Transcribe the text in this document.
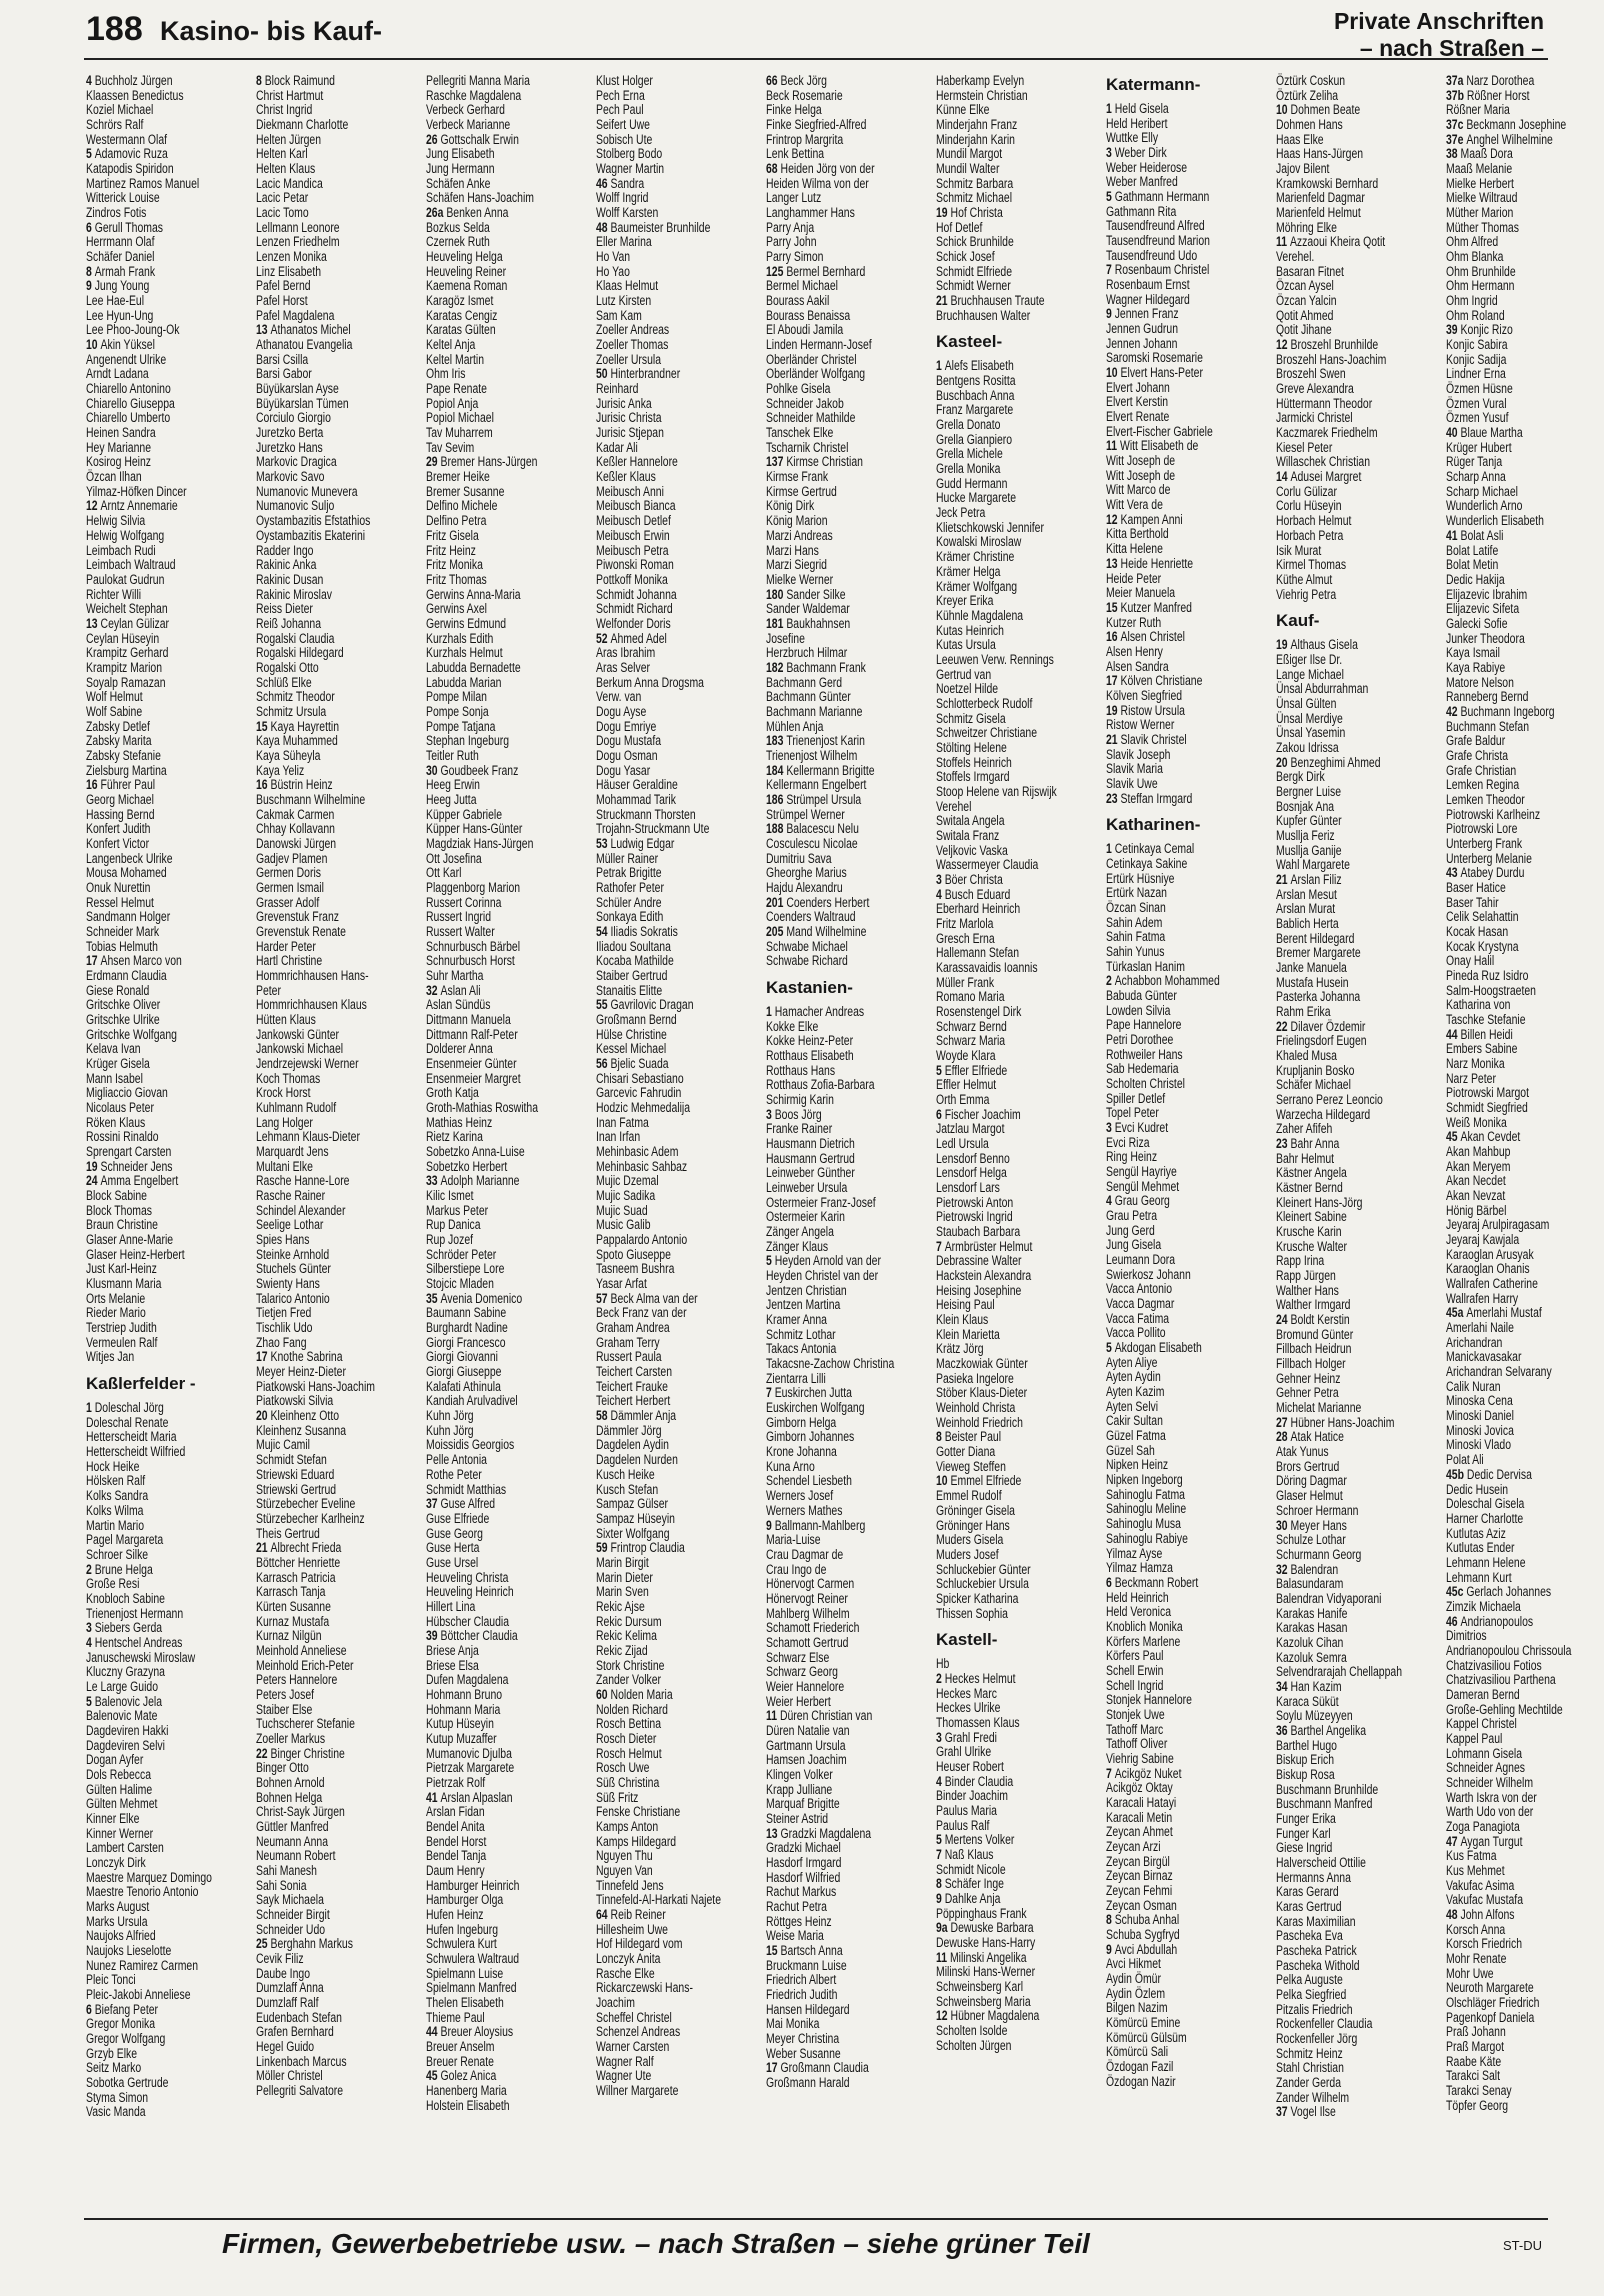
188 Kasino- bis Kauf-	Private Anschriften
– nach Straßen –
4 Buchholz Jürgen
Klaassen Benedictus
Koziel Michael
Schrörs Ralf
Westermann Olaf
5 Adamovic Ruza
Katapodis Spiridon
Martinez Ramos Manuel
Witterick Louise
Zindros Fotis
6 Gerull Thomas
Herrmann Olaf
Schäfer Daniel
8 Armah Frank
9 Jung Young
Lee Hae-Eul
Lee Hyun-Ung
Lee Phoo-Joung-Ok
10 Akin Yüksel
Angenendt Ulrike
Arndt Ladana
Chiarello Antonino
Chiarello Giuseppa
Chiarello Umberto
Heinen Sandra
Hey Marianne
Kosirog Heinz
Özcan Ilhan
Yilmaz-Höfken Dincer
12 Arntz Annemarie
Helwig Silvia
Helwig Wolfgang
Leimbach Rudi
Leimbach Waltraud
Paulokat Gudrun
Richter Willi
Weichelt Stephan
13 Ceylan Gülizar
Ceylan Hüseyin
Krampitz Gerhard
Krampitz Marion
Soyalp Ramazan
Wolf Helmut
Wolf Sabine
Zabsky Detlef
Zabsky Marita
Zabsky Stefanie
Zielsburg Martina
16 Führer Paul
Georg Michael
Hassing Bernd
Konfert Judith
Konfert Victor
Langenbeck Ulrike
Mousa Mohamed
Onuk Nurettin
Ressel Helmut
Sandmann Holger
Schneider Mark
Tobias Helmuth
17 Ahsen Marco von
Erdmann Claudia
Giese Ronald
Gritschke Oliver
Gritschke Ulrike
Gritschke Wolfgang
Kelava Ivan
Krüger Gisela
Mann Isabel
Migliaccio Giovan
Nicolaus Peter
Röken Klaus
Rossini Rinaldo
Sprengart Carsten
19 Schneider Jens
24 Amma Engelbert
Block Sabine
Block Thomas
Braun Christine
Glaser Anne-Marie
Glaser Heinz-Herbert
Just Karl-Heinz
Klusmann Maria
Orts Melanie
Rieder Mario
Terstriep Judith
Vermeulen Ralf
Witjes Jan
Kaßlerfelder -
1 Doleschal Jörg
Doleschal Renate
Hetterscheidt Maria
Hetterscheidt Wilfried
Hock Heike
Hölsken Ralf
Kolks Sandra
Kolks Wilma
Martin Mario
Pagel Margareta
Schroer Silke
2 Brune Helga
Große Resi
Knobloch Sabine
Trienenjost Hermann
3 Siebers Gerda
4 Hentschel Andreas
Januschewski Miroslaw
Kluczny Grazyna
Le Large Guido
5 Balenovic Jela
Balenovic Mate
Dagdeviren Hakki
Dagdeviren Selvi
Dogan Ayfer
Dols Rebecca
Gülten Halime
Gülten Mehmet
Kinner Elke
Kinner Werner
Lambert Carsten
Lonczyk Dirk
Maestre Marquez Domingo
Maestre Tenorio Antonio
Marks August
Marks Ursula
Naujoks Alfried
Naujoks Lieselotte
Nunez Ramirez Carmen
Pleic Tonci
Pleic-Jakobi Anneliese
6 Biefang Peter
Gregor Monika
Gregor Wolfgang
Grzyb Elke
Seitz Marko
Sobotka Gertrude
Styma Simon
Vasic Manda
8 Block Raimund
Christ Hartmut
Christ Ingrid
Diekmann Charlotte
Helten Jürgen
Helten Karl
Helten Klaus
Lacic Mandica
Lacic Petar
Lacic Tomo
Lellmann Leonore
Lenzen Friedhelm
Lenzen Monika
Linz Elisabeth
Pafel Bernd
Pafel Horst
Pafel Magdalena
13 Athanatos Michel
Athanatou Evangelia
Barsi Csilla
Barsi Gabor
Büyükarslan Ayse
Büyükarslan Tümen
Corciulo Giorgio
Juretzko Berta
Juretzko Hans
Markovic Dragica
Markovic Savo
Numanovic Munevera
Numanovic Suljo
Oystambazitis Efstathios
Oystambazitis Ekaterini
Radder Ingo
Rakinic Anka
Rakinic Dusan
Rakinic Miroslav
Reiss Dieter
Reiß Johanna
Rogalski Claudia
Rogalski Hildegard
Rogalski Otto
Schlüß Elke
Schmitz Theodor
Schmitz Ursula
15 Kaya Hayrettin
Kaya Muhammed
Kaya Süheyla
Kaya Yeliz
16 Büstrin Heinz
Buschmann Wilhelmine
Cakmak Carmen
Chhay Kollavann
Danowski Jürgen
Gadjev Plamen
Germen Doris
Germen Ismail
Grasser Adolf
Grevenstuk Franz
Grevenstuk Renate
Harder Peter
Hartl Christine
Hommrichhausen Hans-
Peter
Hommrichhausen Klaus
Hütten Klaus
Jankowski Günter
Jankowski Michael
Jendrzejewski Werner
Koch Thomas
Krock Horst
Kuhlmann Rudolf
Lang Holger
Lehmann Klaus-Dieter
Marquardt Jens
Multani Elke
Rasche Hanne-Lore
Rasche Rainer
Schindel Alexander
Seelige Lothar
Spies Hans
Steinke Arnhold
Stuchels Günter
Swienty Hans
Talarico Antonio
Tietjen Fred
Tischlik Udo
Zhao Fang
17 Knothe Sabrina
Meyer Heinz-Dieter
Piatkowski Hans-Joachim
Piatkowski Silvia
20 Kleinhenz Otto
Kleinhenz Susanna
Mujic Camil
Schmidt Stefan
Striewski Eduard
Striewski Gertrud
Stürzebecher Eveline
Stürzebecher Karlheinz
Theis Gertrud
21 Albrecht Frieda
Böttcher Henriette
Karrasch Patricia
Karrasch Tanja
Kürten Susanne
Kurnaz Mustafa
Kurnaz Nilgün
Meinhold Anneliese
Meinhold Erich-Peter
Peters Hannelore
Peters Josef
Staiber Else
Tuchscherer Stefanie
Zoeller Markus
22 Binger Christine
Binger Otto
Bohnen Arnold
Bohnen Helga
Christ-Sayk Jürgen
Güttler Manfred
Neumann Anna
Neumann Robert
Sahi Manesh
Sahi Sonia
Sayk Michaela
Schneider Birgit
Schneider Udo
25 Berghahn Markus
Cevik Filiz
Daube Ingo
Dumzlaff Anna
Dumzlaff Ralf
Eudenbach Stefan
Grafen Bernhard
Hegel Guido
Linkenbach Marcus
Möller Christel
Pellegriti Salvatore
Pellegriti Manna Maria
Raschke Magdalena
Verbeck Gerhard
Verbeck Marianne
26 Gottschalk Erwin
Jung Elisabeth
Jung Hermann
Schäfen Anke
Schäfen Hans-Joachim
26a Benken Anna
Bozkus Selda
Czernek Ruth
Heuveling Helga
Heuveling Reiner
Kaemena Roman
Karagöz Ismet
Karatas Cengiz
Karatas Gülten
Keltel Anja
Keltel Martin
Ohm Iris
Pape Renate
Popiol Anja
Popiol Michael
Tav Muharrem
Tav Sevim
29 Bremer Hans-Jürgen
Bremer Heike
Bremer Susanne
Delfino Michele
Delfino Petra
Fritz Gisela
Fritz Heinz
Fritz Monika
Fritz Thomas
Gerwins Anna-Maria
Gerwins Axel
Gerwins Edmund
Kurzhals Edith
Kurzhals Helmut
Labudda Bernadette
Labudda Marian
Pompe Milan
Pompe Sonja
Pompe Tatjana
Stephan Ingeburg
Teitler Ruth
30 Goudbeek Franz
Heeg Erwin
Heeg Jutta
Küpper Gabriele
Küpper Hans-Günter
Magdziak Hans-Jürgen
Ott Josefina
Ott Karl
Plaggenborg Marion
Russert Corinna
Russert Ingrid
Russert Walter
Schnurbusch Bärbel
Schnurbusch Horst
Suhr Martha
32 Aslan Ali
Aslan Sündüs
Dittmann Manuela
Dittmann Ralf-Peter
Dolderer Anna
Ensenmeier Günter
Ensenmeier Margret
Groth Katja
Groth-Mathias Roswitha
Mathias Heinz
Rietz Karina
Sobetzko Anna-Luise
Sobetzko Herbert
33 Adolph Marianne
Kilic Ismet
Markus Peter
Rup Danica
Rup Jozef
Schröder Peter
Silberstiepe Lore
Stojcic Mladen
35 Avenia Domenico
Baumann Sabine
Burghardt Nadine
Giorgi Francesco
Giorgi Giovanni
Giorgi Giuseppe
Kalafati Athinula
Kandiah Arulvadivel
Kuhn Jörg
Kuhn Jörg
Moissidis Georgios
Pelle Antonia
Rothe Peter
Schmidt Matthias
37 Guse Alfred
Guse Elfriede
Guse Georg
Guse Herta
Guse Ursel
Heuveling Christa
Heuveling Heinrich
Hillert Lina
Hübscher Claudia
39 Böttcher Claudia
Briese Anja
Briese Elsa
Dufen Magdalena
Hohmann Bruno
Hohmann Maria
Kutup Hüseyin
Kutup Muzaffer
Mumanovic Djulba
Pietrzak Margarete
Pietrzak Rolf
41 Arslan Alpaslan
Arslan Fidan
Bendel Anita
Bendel Horst
Bendel Tanja
Daum Henry
Hamburger Heinrich
Hamburger Olga
Hufen Heinz
Hufen Ingeburg
Schwulera Kurt
Schwulera Waltraud
Spielmann Luise
Spielmann Manfred
Thelen Elisabeth
Thieme Paul
44 Breuer Aloysius
Breuer Anselm
Breuer Renate
45 Golez Anica
Hanenberg Maria
Holstein Elisabeth
Klust Holger
Pech Erna
Pech Paul
Seifert Uwe
Sobisch Ute
Stolberg Bodo
Wagner Martin
46 Sandra
Wolff Ingrid
Wolff Karsten
48 Baumeister Brunhilde
Eller Marina
Ho Van
Ho Yao
Klaas Helmut
Lutz Kirsten
Sam Kam
Zoeller Andreas
Zoeller Thomas
Zoeller Ursula
50 Hinterbrandner
Reinhard
Jurisic Anka
Jurisic Christa
Jurisic Stjepan
Kadar Ali
Keßler Hannelore
Keßler Klaus
Meibusch Anni
Meibusch Bianca
Meibusch Detlef
Meibusch Erwin
Meibusch Petra
Piwonski Roman
Pottkoff Monika
Schmidt Johanna
Schmidt Richard
Welfonder Doris
52 Ahmed Adel
Aras Ibrahim
Aras Selver
Berkum Anna Drogsma
Verw. van
Dogu Ayse
Dogu Emriye
Dogu Mustafa
Dogu Osman
Dogu Yasar
Häuser Geraldine
Mohammad Tarik
Struckmann Thorsten
Trojahn-Struckmann Ute
53 Ludwig Edgar
Müller Rainer
Petrak Brigitte
Rathofer Peter
Schüler Andre
Sonkaya Edith
54 Iliadis Sokratis
Iliadou Soultana
Kocaba Mathilde
Staiber Gertrud
Stanaitis Elitte
55 Gavrilovic Dragan
Großmann Bernd
Hülse Christine
Kessel Michael
56 Bjelic Suada
Chisari Sebastiano
Garcevic Fahrudin
Hodzic Mehmedalija
Inan Fatma
Inan Irfan
Mehinbasic Adem
Mehinbasic Sahbaz
Mujic Dzemal
Mujic Sadika
Mujic Suad
Music Galib
Pappalardo Antonio
Spoto Giuseppe
Tasneem Bushra
Yasar Arfat
57 Beck Alma van der
Beck Franz van der
Graham Andrea
Graham Terry
Russert Paula
Teichert Carsten
Teichert Frauke
Teichert Herbert
58 Dämmler Anja
Dämmler Jörg
Dagdelen Aydin
Dagdelen Nurden
Kusch Heike
Kusch Stefan
Sampaz Gülser
Sampaz Hüseyin
Sixter Wolfgang
59 Frintrop Claudia
Marin Birgit
Marin Dieter
Marin Sven
Rekic Ajse
Rekic Dursum
Rekic Kelima
Rekic Zijad
Stork Christine
Zander Volker
60 Nolden Maria
Nolden Richard
Rosch Bettina
Rosch Dieter
Rosch Helmut
Rosch Uwe
Süß Christina
Süß Fritz
Fenske Christiane
Kamps Anton
Kamps Hildegard
Nguyen Thu
Nguyen Van
Tinnefeld Jens
Tinnefeld-Al-Harkati Najete
64 Reib Reiner
Hillesheim Uwe
Hof Hildegard vom
Lonczyk Anita
Rasche Elke
Rickarczewski Hans-
Joachim
Scheffel Christel
Schenzel Andreas
Warner Carsten
Wagner Ralf
Wagner Ute
Willner Margarete
66 Beck Jörg
Beck Rosemarie
Finke Helga
Finke Siegfried-Alfred
Frintrop Margrita
Lenk Bettina
68 Heiden Jörg von der
Heiden Wilma von der
Langer Lutz
Langhammer Hans
Parry Anja
Parry John
Parry Simon
125 Bermel Bernhard
Bermel Michael
Bourass Aakil
Bourass Benaissa
El Aboudi Jamila
Linden Hermann-Josef
Oberländer Christel
Oberländer Wolfgang
Pohlke Gisela
Schneider Jakob
Schneider Mathilde
Tanschek Elke
Tscharnik Christel
137 Kirmse Christian
Kirmse Frank
Kirmse Gertrud
König Dirk
König Marion
Marzi Andreas
Marzi Hans
Marzi Siegrid
Mielke Werner
180 Sander Silke
Sander Waldemar
181 Baukhahnsen
Josefine
Herzbruch Hilmar
182 Bachmann Frank
Bachmann Gerd
Bachmann Günter
Bachmann Marianne
Mühlen Anja
183 Trienenjost Karin
Trienenjost Wilhelm
184 Kellermann Brigitte
Kellermann Engelbert
186 Strümpel Ursula
Strümpel Werner
188 Balacescu Nelu
Cosculescu Nicolae
Dumitriu Sava
Gheorghe Marius
Hajdu Alexandru
201 Coenders Herbert
Coenders Waltraud
205 Mand Wilhelmine
Schwabe Michael
Schwabe Richard
Kastanien-
1 Hamacher Andreas
Kokke Elke
Kokke Heinz-Peter
Rotthaus Elisabeth
Rotthaus Hans
Rotthaus Zofia-Barbara
Schirmig Karin
3 Boos Jörg
Franke Rainer
Hausmann Dietrich
Hausmann Gertrud
Leinweber Günther
Leinweber Ursula
Ostermeier Franz-Josef
Ostermeier Karin
Zänger Angela
Zänger Klaus
5 Heyden Arnold van der
Heyden Christel van der
Jentzen Christian
Jentzen Martina
Kramer Anna
Schmitz Lothar
Takacs Antonia
Takacsne-Zachow Christina
Zientarra Lilli
7 Euskirchen Jutta
Euskirchen Wolfgang
Gimborn Helga
Gimborn Johannes
Krone Johanna
Kuna Arno
Schendel Liesbeth
Werners Josef
Werners Mathes
9 Ballmann-Mahlberg
Maria-Luise
Crau Dagmar de
Crau Ingo de
Hönervogt Carmen
Hönervogt Reiner
Mahlberg Wilhelm
Schamott Friederich
Schamott Gertrud
Schwarz Else
Schwarz Georg
Weier Hannelore
Weier Herbert
11 Düren Christian van
Düren Natalie van
Gartmann Ursula
Hamsen Joachim
Klingen Volker
Krapp Julliane
Marquaf Brigitte
Steiner Astrid
13 Gradzki Magdalena
Gradzki Michael
Hasdorf Irmgard
Hasdorf Wilfried
Rachut Markus
Rachut Petra
Röttges Heinz
Weise Maria
15 Bartsch Anna
Bruckmann Luise
Friedrich Albert
Friedrich Judith
Hansen Hildegard
Mai Monika
Meyer Christina
Weber Susanne
17 Großmann Claudia
Großmann Harald
Haberkamp Evelyn
Hermstein Christian
Künne Elke
Minderjahn Franz
Minderjahn Karin
Mundil Margot
Mundil Walter
Schmitz Barbara
Schmitz Michael
19 Hof Christa
Hof Detlef
Schick Brunhilde
Schick Josef
Schmidt Elfriede
Schmidt Werner
21 Bruchhausen Traute
Bruchhausen Walter
Kasteel-
1 Alefs Elisabeth
Bentgens Rositta
Buschbach Anna
Franz Margarete
Grella Donato
Grella Gianpiero
Grella Michele
Grella Monika
Gudd Hermann
Hucke Margarete
Jeck Petra
Klietschkowski Jennifer
Kowalski Miroslaw
Krämer Christine
Krämer Helga
Krämer Wolfgang
Kreyer Erika
Kühnle Magdalena
Kutas Heinrich
Kutas Ursula
Leeuwen Verw. Rennings
Gertrud van
Noetzel Hilde
Schlotterbeck Rudolf
Schmitz Gisela
Schweitzer Christiane
Stölting Helene
Stoffels Heinrich
Stoffels Irmgard
Stoop Helene van Rijswijk
Verehel
Switala Angela
Switala Franz
Veljkovic Vaska
Wassermeyer Claudia
3 Böer Christa
4 Busch Eduard
Eberhard Heinrich
Fritz Marlola
Gresch Erna
Hallemann Stefan
Karassavaidis Ioannis
Müller Frank
Romano Maria
Rosenstengel Dirk
Schwarz Bernd
Schwarz Maria
Woyde Klara
5 Effler Elfriede
Effler Helmut
Orth Emma
6 Fischer Joachim
Jatzlau Margot
Ledl Ursula
Lensdorf Benno
Lensdorf Helga
Lensdorf Lars
Pietrowski Anton
Pietrowski Ingrid
Staubach Barbara
7 Armbrüster Helmut
Debrassine Walter
Hackstein Alexandra
Heising Josephine
Heising Paul
Klein Klaus
Klein Marietta
Krätz Jörg
Maczkowiak Günter
Pasieka Ingelore
Stöber Klaus-Dieter
Weinhold Christa
Weinhold Friedrich
8 Beister Paul
Gotter Diana
Vieweg Steffen
10 Emmel Elfriede
Emmel Rudolf
Gröninger Gisela
Gröninger Hans
Muders Gisela
Muders Josef
Schluckebier Günter
Schluckebier Ursula
Spicker Katharina
Thissen Sophia
Kastell-
Hb
2 Heckes Helmut
Heckes Marc
Heckes Ulrike
Thomassen Klaus
3 Grahl Fredi
Grahl Ulrike
Heuser Robert
4 Binder Claudia
Binder Joachim
Paulus Maria
Paulus Ralf
5 Mertens Volker
7 Naß Klaus
Schmidt Nicole
8 Schäfer Inge
9 Dahlke Anja
Pöppinghaus Frank
9a Dewuske Barbara
Dewuske Hans-Harry
11 Milinski Angelika
Milinski Hans-Werner
Schweinsberg Karl
Schweinsberg Maria
12 Hübner Magdalena
Scholten Isolde
Scholten Jürgen
Katermann-
1 Held Gisela
Held Heribert
Wuttke Elly
3 Weber Dirk
Weber Heiderose
Weber Manfred
5 Gathmann Hermann
Gathmann Rita
Tausendfreund Alfred
Tausendfreund Marion
Tausendfreund Udo
7 Rosenbaum Christel
Rosenbaum Ernst
Wagner Hildegard
9 Jennen Franz
Jennen Gudrun
Jennen Johann
Saromski Rosemarie
10 Elvert Hans-Peter
Elvert Johann
Elvert Kerstin
Elvert Renate
Elvert-Fischer Gabriele
11 Witt Elisabeth de
Witt Joseph de
Witt Joseph de
Witt Marco de
Witt Vera de
12 Kampen Anni
Kitta Berthold
Kitta Helene
13 Heide Henriette
Heide Peter
Meier Manuela
15 Kutzer Manfred
Kutzer Ruth
16 Alsen Christel
Alsen Henry
Alsen Sandra
17 Kölven Christiane
Kölven Siegfried
19 Ristow Ursula
Ristow Werner
21 Slavik Christel
Slavik Joseph
Slavik Maria
Slavik Uwe
23 Steffan Irmgard
Katharinen-
1 Cetinkaya Cemal
Cetinkaya Sakine
Ertürk Hüsniye
Ertürk Nazan
Özcan Sinan
Sahin Adem
Sahin Fatma
Sahin Yunus
Türkaslan Hanim
2 Achabbon Mohammed
Babuda Günter
Lowden Silvia
Pape Hannelore
Petri Dorothee
Rothweiler Hans
Sab Hedemaria
Scholten Christel
Spiller Detlef
Topel Peter
3 Evci Kudret
Evci Riza
Ring Heinz
Sengül Hayriye
Sengül Mehmet
4 Grau Georg
Grau Petra
Jung Gerd
Jung Gisela
Leumann Dora
Swierkosz Johann
Vacca Antonio
Vacca Dagmar
Vacca Fatima
Vacca Pollito
5 Akdogan Elisabeth
Ayten Aliye
Ayten Aydin
Ayten Kazim
Ayten Selvi
Cakir Sultan
Güzel Fatma
Güzel Sah
Nipken Heinz
Nipken Ingeborg
Sahinoglu Fatma
Sahinoglu Meline
Sahinoglu Musa
Sahinoglu Rabiye
Yilmaz Ayse
Yilmaz Hamza
6 Beckmann Robert
Held Heinrich
Held Veronica
Knoblich Monika
Körfers Marlene
Körfers Paul
Schell Erwin
Schell Ingrid
Stonjek Hannelore
Stonjek Uwe
Tathoff Marc
Tathoff Oliver
Viehrig Sabine
7 Acikgöz Nuket
Acikgöz Oktay
Karacali Hatayi
Karacali Metin
Zeycan Ahmet
Zeycan Arzi
Zeycan Birgül
Zeycan Birnaz
Zeycan Fehmi
Zeycan Osman
8 Schuba Anhal
Schuba Sygfryd
9 Avci Abdullah
Avci Hikmet
Aydin Ömür
Aydin Özlem
Bilgen Nazim
Kömürcü Emine
Kömürcü Gülsüm
Kömürcü Sali
Özdogan Fazil
Özdogan Nazir
Öztürk Coskun
Öztürk Zeliha
10 Dohmen Beate
Dohmen Hans
Haas Elke
Haas Hans-Jürgen
Jajov Bilent
Kramkowski Bernhard
Marienfeld Dagmar
Marienfeld Helmut
Möhring Elke
11 Azzaoui Kheira Qotit
Verehel.
Basaran Fitnet
Özcan Aysel
Özcan Yalcin
Qotit Ahmed
Qotit Jihane
12 Broszehl Brunhilde
Broszehl Hans-Joachim
Broszehl Swen
Greve Alexandra
Hüttermann Theodor
Jarmicki Christel
Kaczmarek Friedhelm
Kiesel Peter
Willaschek Christian
14 Adusei Margret
Corlu Gülizar
Corlu Hüseyin
Horbach Helmut
Horbach Petra
Isik Murat
Kirmel Thomas
Küthe Almut
Viehrig Petra
Kauf-
19 Althaus Gisela
Eßiger Ilse Dr.
Lange Michael
Ünsal Abdurrahman
Ünsal Gülten
Ünsal Merdiye
Ünsal Yasemin
Zakou Idrissa
20 Benzeghimi Ahmed
Bergk Dirk
Bergner Luise
Bosnjak Ana
Kupfer Günter
Musllja Feriz
Musllja Ganije
Wahl Margarete
21 Arslan Filiz
Arslan Mesut
Arslan Murat
Bablich Herta
Berent Hildegard
Bremer Margarete
Janke Manuela
Mustafa Husein
Pasterka Johanna
Rahm Erika
22 Dilaver Özdemir
Frielingsdorf Eugen
Khaled Musa
Krupljanin Bosko
Schäfer Michael
Serrano Perez Leoncio
Warzecha Hildegard
Zaher Afifeh
23 Bahr Anna
Bahr Helmut
Kästner Angela
Kästner Bernd
Kleinert Hans-Jörg
Kleinert Sabine
Krusche Karin
Krusche Walter
Rapp Irina
Rapp Jürgen
Walther Hans
Walther Irmgard
24 Boldt Kerstin
Bromund Günter
Fillbach Heidrun
Fillbach Holger
Gehner Heinz
Gehner Petra
Michelat Marianne
27 Hübner Hans-Joachim
28 Atak Hatice
Atak Yunus
Brors Gertrud
Döring Dagmar
Glaser Helmut
Schroer Hermann
30 Meyer Hans
Schulze Lothar
Schurmann Georg
32 Balendran
Balasundaram
Balendran Vidyaporani
Karakas Hanife
Karakas Hasan
Kazoluk Cihan
Kazoluk Semra
Selvendrarajah Chellappah
34 Han Kazim
Karaca Süküt
Soylu Müzeyyen
36 Barthel Angelika
Barthel Hugo
Biskup Erich
Biskup Rosa
Buschmann Brunhilde
Buschmann Manfred
Funger Erika
Funger Karl
Giese Ingrid
Halverscheid Ottilie
Hermanns Anna
Karas Gerard
Karas Gertrud
Karas Maximilian
Pascheka Eva
Pascheka Patrick
Pascheka Withold
Pelka Auguste
Pelka Siegfried
Pitzalis Friedrich
Rockenfeller Claudia
Rockenfeller Jörg
Schmitz Heinz
Stahl Christian
Zander Gerda
Zander Wilhelm
37 Vogel Ilse
37a Narz Dorothea
37b Rößner Horst
Rößner Maria
37c Beckmann Josephine
37e Anghel Wilhelmine
38 Maaß Dora
Maaß Melanie
Mielke Herbert
Mielke Wiltraud
Müther Marion
Müther Thomas
Ohm Alfred
Ohm Blanka
Ohm Brunhilde
Ohm Hermann
Ohm Ingrid
Ohm Roland
39 Konjic Rizo
Konjic Sabira
Konjic Sadija
Lindner Erna
Özmen Hüsne
Özmen Vural
Özmen Yusuf
40 Blaue Martha
Krüger Hubert
Rüger Tanja
Scharp Anna
Scharp Michael
Wunderlich Arno
Wunderlich Elisabeth
41 Bolat Asli
Bolat Latife
Bolat Metin
Dedic Hakija
Elijazevic Ibrahim
Elijazevic Sifeta
Galecki Sofie
Junker Theodora
Kaya Ismail
Kaya Rabiye
Matore Nelson
Ranneberg Bernd
42 Buchmann Ingeborg
Buchmann Stefan
Grafe Baldur
Grafe Christa
Grafe Christian
Lemken Regina
Lemken Theodor
Piotrowski Karlheinz
Piotrowski Lore
Unterberg Frank
Unterberg Melanie
43 Atabey Durdu
Baser Hatice
Baser Tahir
Celik Selahattin
Kocak Hasan
Kocak Krystyna
Onay Halil
Pineda Ruz Isidro
Salm-Hoogstraeten
Katharina von
Taschke Stefanie
44 Billen Heidi
Embers Sabine
Narz Monika
Narz Peter
Piotrowski Margot
Schmidt Siegfried
Weiß Monika
45 Akan Cevdet
Akan Mahbup
Akan Meryem
Akan Necdet
Akan Nevzat
Hönig Bärbel
Jeyaraj Arulpiragasam
Jeyaraj Kawjala
Karaoglan Arusyak
Karaoglan Ohanis
Wallrafen Catherine
Wallrafen Harry
45a Amerlahi Mustaf
Amerlahi Naile
Arichandran
Manickavasakar
Arichandran Selvarany
Calik Nuran
Minoska Cena
Minoski Daniel
Minoski Jovica
Minoski Vlado
Polat Ali
45b Dedic Dervisa
Dedic Husein
Doleschal Gisela
Harner Charlotte
Kutlutas Aziz
Kutlutas Ender
Lehmann Helene
Lehmann Kurt
45c Gerlach Johannes
Zimzik Michaela
46 Andrianopoulos
Dimitrios
Andrianopoulou Chrissoula
Chatzivasiliou Fotios
Chatzivasiliou Parthena
Dameran Bernd
Große-Gehling Mechtilde
Kappel Christel
Kappel Paul
Lohmann Gisela
Schneider Agnes
Schneider Wilhelm
Warth Iskra von der
Warth Udo von der
Zoga Panagiota
47 Aygan Turgut
Kus Fatma
Kus Mehmet
Vakufac Asima
Vakufac Mustafa
48 John Alfons
Korsch Anna
Korsch Friedrich
Mohr Renate
Mohr Uwe
Neuroth Margarete
Olschläger Friedrich
Pagenkopf Daniela
Praß Johann
Praß Margot
Raabe Käte
Tarakci Salt
Tarakci Senay
Töpfer Georg
Firmen, Gewerbebetriebe usw. – nach Straßen – siehe grüner Teil	ST-DU
